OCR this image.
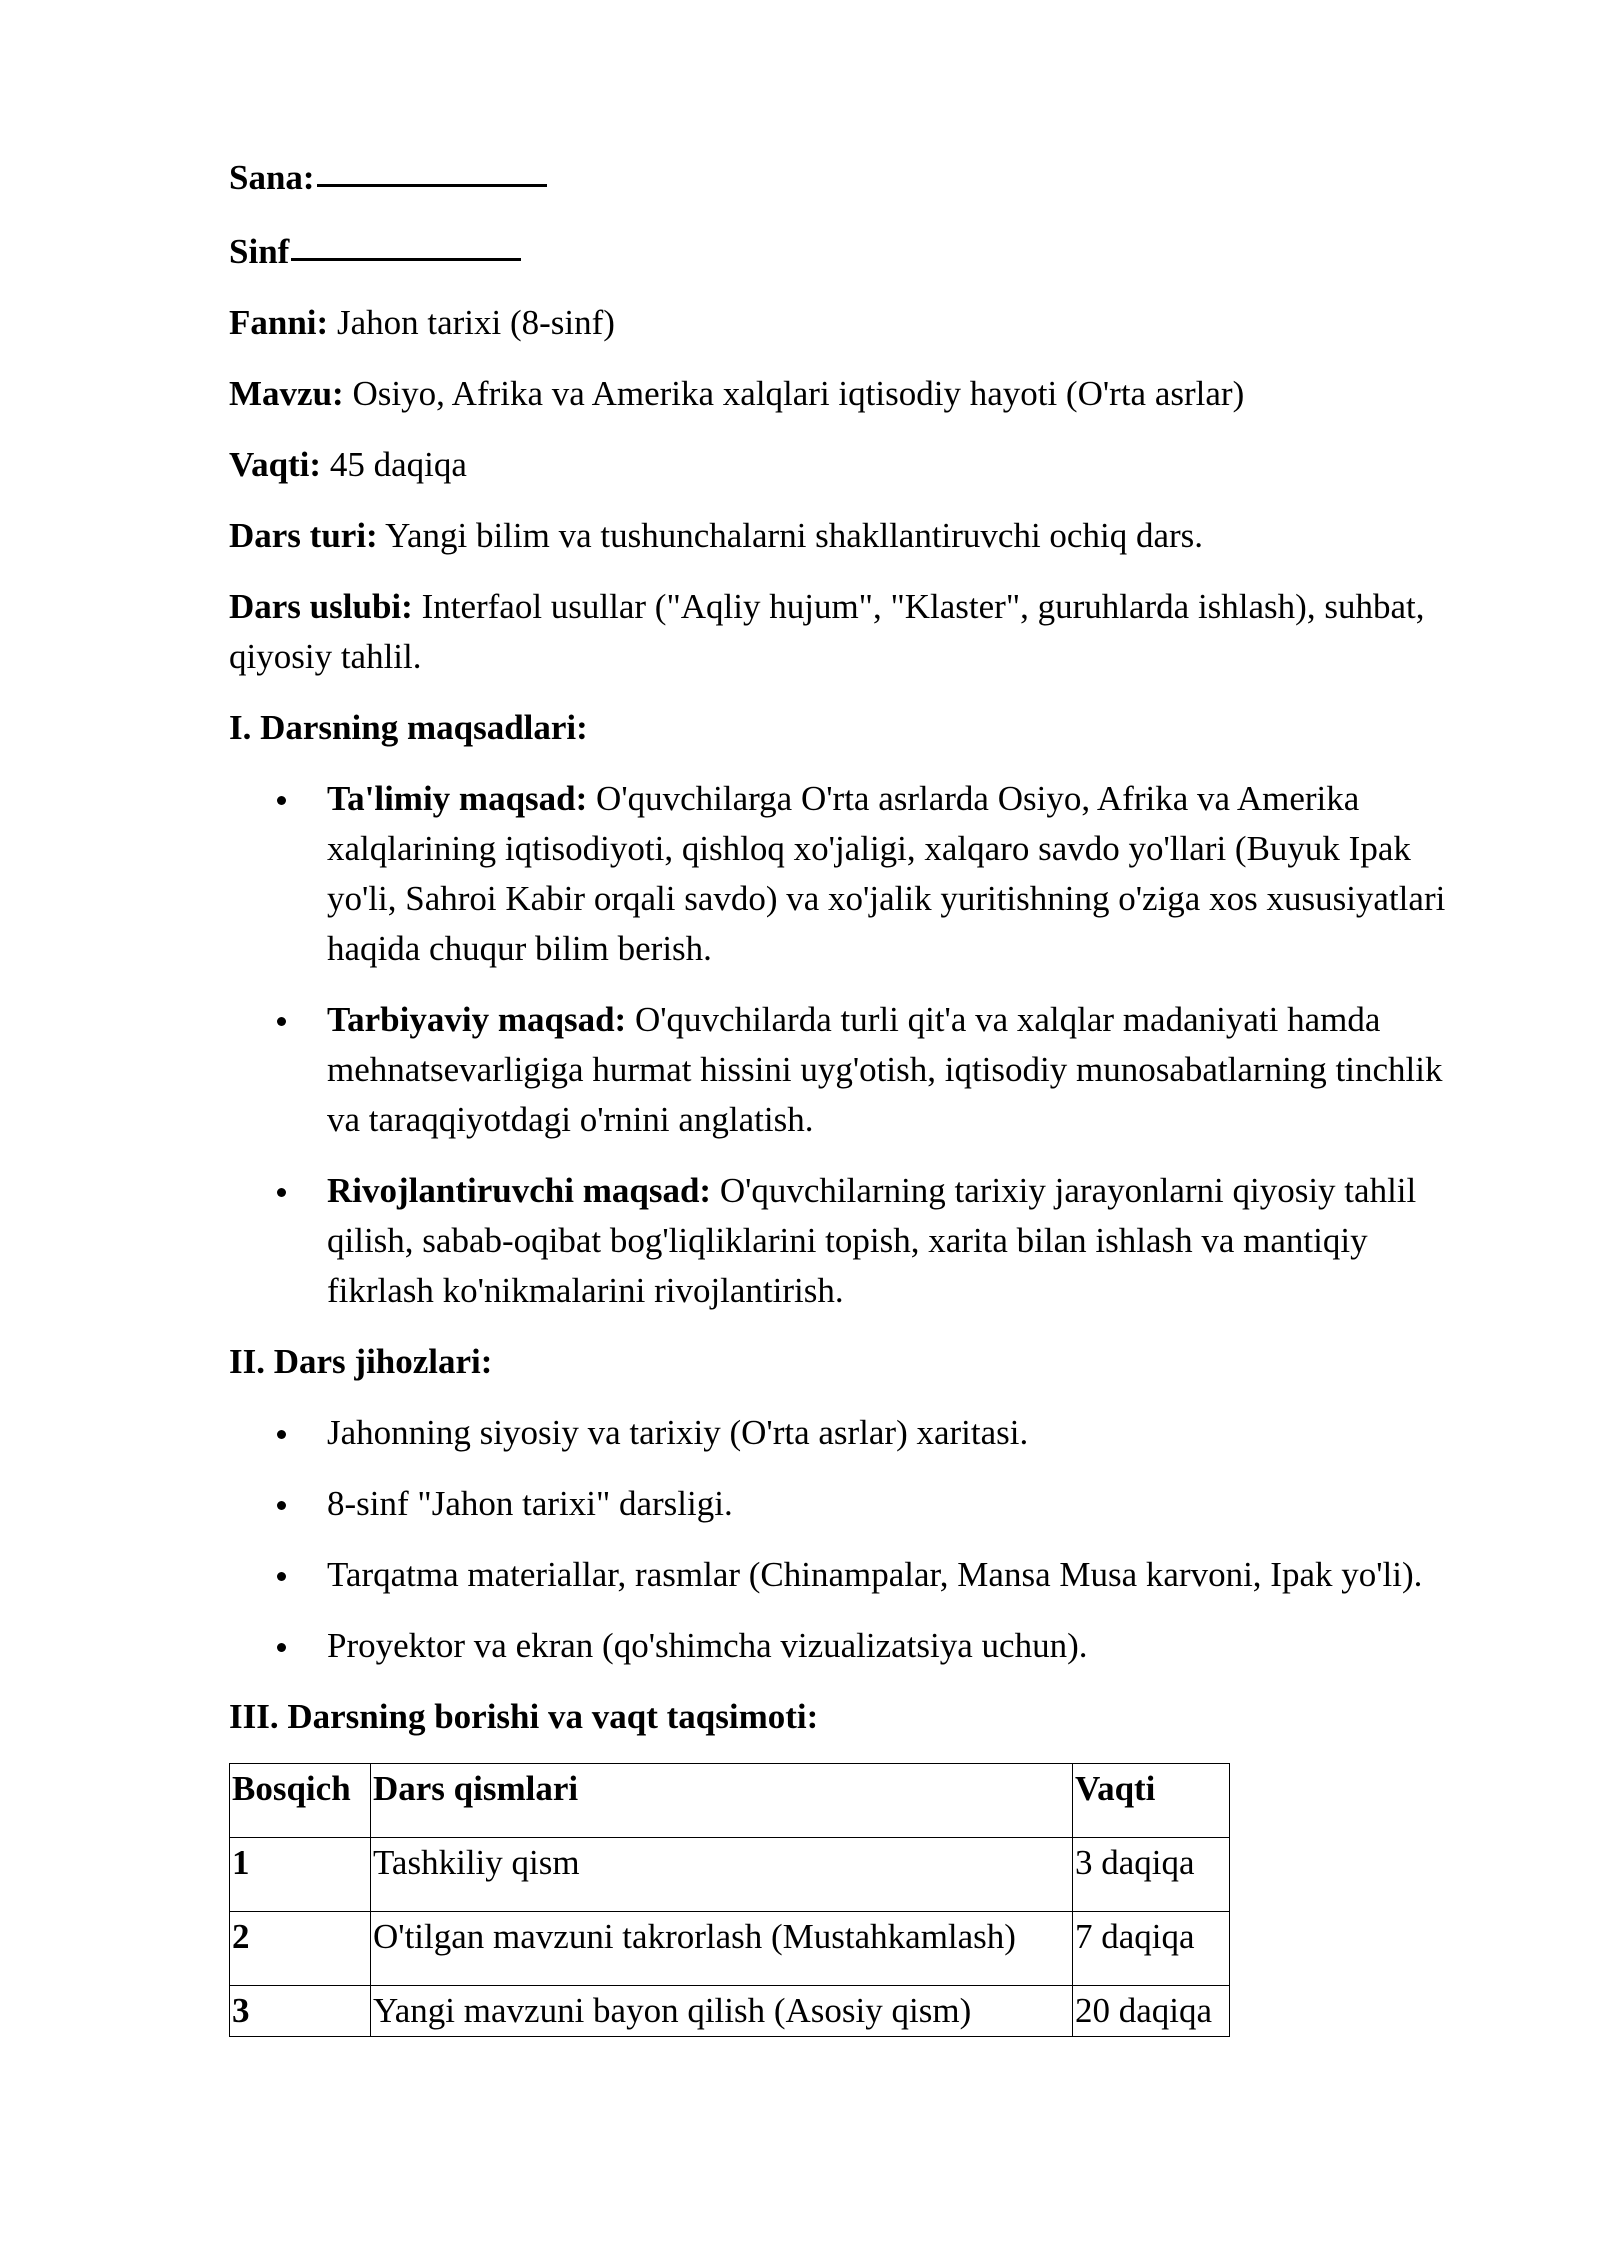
Sana:

Sinf

Fanni: Jahon tarixi (8-sinf)

Mavzu: Osiyo, Afrika va Amerika xalqlari iqtisodiy hayoti (O'rta asrlar)

Vaqti: 45 daqiqa

Dars turi: Yangi bilim va tushunchalarni shakllantiruvchi ochiq dars.

Dars uslubi: Interfaol usullar ("Aqliy hujum", "Klaster", guruhlarda ishlash), suhbat, qiyosiy tahlil.

I. Darsning maqsadlari:
Ta'limiy maqsad: O'quvchilarga O'rta asrlarda Osiyo, Afrika va Amerika xalqlarining iqtisodiyoti, qishloq xo'jaligi, xalqaro savdo yo'llari (Buyuk Ipak yo'li, Sahroi Kabir orqali savdo) va xo'jalik yuritishning o'ziga xos xususiyatlari haqida chuqur bilim berish.
Tarbiyaviy maqsad: O'quvchilarda turli qit'a va xalqlar madaniyati hamda mehnatsevarligiga hurmat hissini uyg'otish, iqtisodiy munosabatlarning tinchlik va taraqqiyotdagi o'rnini anglatish.
Rivojlantiruvchi maqsad: O'quvchilarning tarixiy jarayonlarni qiyosiy tahlil qilish, sabab-oqibat bog'liqliklarini topish, xarita bilan ishlash va mantiqiy fikrlash ko'nikmalarini rivojlantirish.
II. Dars jihozlari:
Jahonning siyosiy va tarixiy (O'rta asrlar) xaritasi.
8-sinf "Jahon tarixi" darsligi.
Tarqatma materiallar, rasmlar (Chinampalar, Mansa Musa karvoni, Ipak yo'li).
Proyektor va ekran (qo'shimcha vizualizatsiya uchun).
III. Darsning borishi va vaqt taqsimoti:
Bosqich	Dars qismlari	Vaqti
1	Tashkiliy qism	3 daqiqa
2	O'tilgan mavzuni takrorlash (Mustahkamlash)	7 daqiqa
3	Yangi mavzuni bayon qilish (Asosiy qism)	20 daqiqa
